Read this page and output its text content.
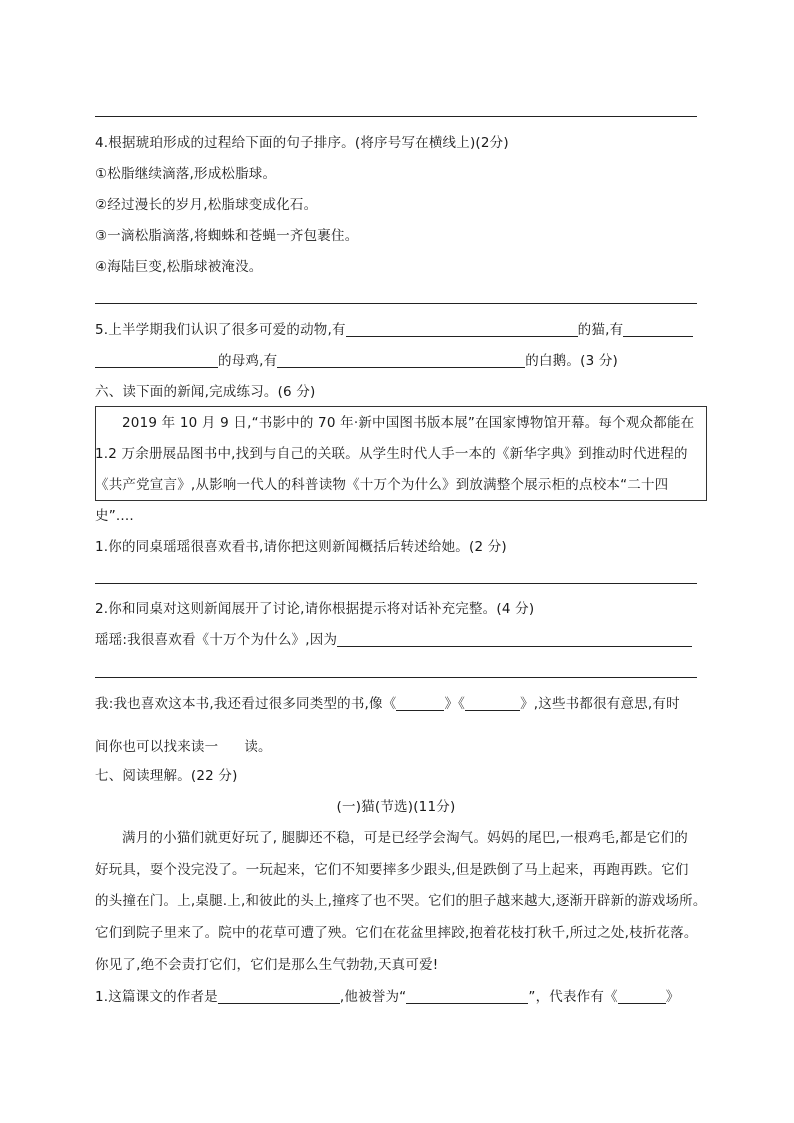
4.根据琥珀形成的过程给下面的句子排序。(将序号写在横线上)(2分)
①松脂继续滴落,形成松脂球。
②经过漫长的岁月,松脂球变成化石。
③一滴松脂滴落,将蜘蛛和苍蝇一齐包裹住。
④海陆巨变,松脂球被淹没。
5.上半学期我们认识了很多可爱的动物,有	的猫,有
的母鸡,有	的白鹅。(3 分)
六、读下面的新闻,完成练习。(6 分)
2019 年 10 月 9 日,“书影中的 70 年·新中国图书版本展”在国家博物馆开幕。每个观众都能在
1.2 万余册展品图书中,找到与自己的关联。从学生时代人手一本的《新华字典》到推动时代进程的
《共产党宣言》,从影响一代人的科普读物《十万个为什么》到放满整个展示柜的点校本“二十四
史”....
1.你的同桌瑶瑶很喜欢看书,请你把这则新闻概括后转述给她。(2 分)
2.你和同桌对这则新闻展开了讨论,请你根据提示将对话补充完整。(4 分)
瑶瑶:我很喜欢看《十万个为什么》,因为
我:我也喜欢这本书,我还看过很多同类型的书,像《	》《	》,这些书都很有意思,有时
间你也可以找来读一 读。
七、阅读理解。(22 分)
(一)猫(节选)(11分)
满月的小猫们就更好玩了, 腿脚还不稳，可是已经学会淘气。妈妈的尾巴,一根鸡毛,都是它们的
好玩具，耍个没完没了。一玩起来，它们不知要摔多少跟头,但是跌倒了马上起来，再跑再跌。它们
的头撞在门。上,桌腿.上,和彼此的头上,撞疼了也不哭。它们的胆子越来越大,逐渐开辟新的游戏场所。
它们到院子里来了。院中的花草可遭了殃。它们在花盆里摔跤,抱着花枝打秋千,所过之处,枝折花落。
你见了,绝不会责打它们，它们是那么生气勃勃,天真可爱!
1.这篇课文的作者是	,他被誉为“	”，代表作有《	》
